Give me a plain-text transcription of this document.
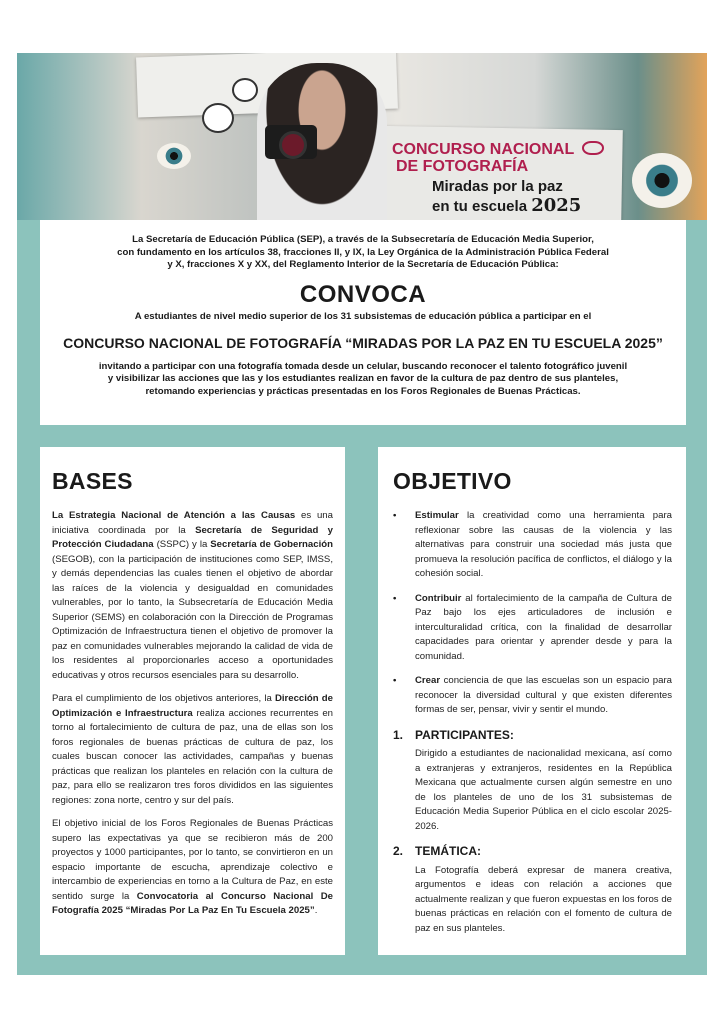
CONCURSO NACIONAL
DE FOTOGRAFÍA
Miradas por la paz
en tu escuela 2025
La Secretaría de Educación Pública (SEP), a través de la Subsecretaría de Educación Media Superior,
con fundamento en los artículos 38, fracciones II, y IX, la Ley Orgánica de la Administración Pública Federal
y X, fracciones X y XX, del Reglamento Interior de la Secretaría de Educación Pública:
CONVOCA
A estudiantes de nivel medio superior de los 31 subsistemas de educación pública a participar en el
CONCURSO NACIONAL DE FOTOGRAFÍA “MIRADAS POR LA PAZ EN TU ESCUELA 2025”
invitando a participar con una fotografía tomada desde un celular, buscando reconocer el talento fotográfico juvenil
y visibilizar las acciones que las y los estudiantes realizan en favor de la cultura de paz dentro de sus planteles,
retomando experiencias y prácticas presentadas en los Foros Regionales de Buenas Prácticas.
BASES

La Estrategia Nacional de Atención a las Causas es una iniciativa coordinada por la Secretaría de Seguridad y Protección Ciudadana (SSPC) y la Secretaría de Gobernación (SEGOB), con la participación de instituciones como SEP, IMSS, y demás dependencias las cuales tienen el objetivo de abordar las raíces de la violencia y desigualdad en comunidades vulnerables, por lo tanto, la Subsecretaría de Educación Media Superior (SEMS) en colaboración con la Dirección de Programas Optimización de Infraestructura tienen el objetivo de promover la paz en comunidades vulnerables mejorando la calidad de vida de los residentes al proporcionarles acceso a oportunidades educativas y otros recursos esenciales para su desarrollo.

Para el cumplimiento de los objetivos anteriores, la Dirección de Optimización e Infraestructura realiza acciones recurrentes en torno al fortalecimiento de cultura de paz, una de ellas son los foros regionales de buenas prácticas de cultura de paz, los cuales buscan conocer las actividades, campañas y buenas prácticas que realizan los planteles en relación con la cultura de paz, para ello se realizaron tres foros divididos en las siguientes regiones: zona norte, centro y sur del país.

El objetivo inicial de los Foros Regionales de Buenas Prácticas supero las expectativas ya que se recibieron más de 200 proyectos y 1000 participantes, por lo tanto, se convirtieron en un espacio importante de escucha, aprendizaje colectivo e intercambio de experiencias en torno a la Cultura de Paz, en este sentido surge la Convocatoria al Concurso Nacional De Fotografía 2025 “Miradas Por La Paz En Tu Escuela 2025”.

OBJETIVO
•	Estimular la creatividad como una herramienta para reflexionar sobre las causas de la violencia y las alternativas para construir una sociedad más justa que promueva la resolución pacífica de conflictos, el diálogo y la cohesión social.

•	Contribuir al fortalecimiento de la campaña de Cultura de Paz bajo los ejes articuladores de inclusión e interculturalidad crítica, con la finalidad de desarrollar capacidades para orientar y aprender desde y para la comunidad.

•	Crear conciencia de que las escuelas son un espacio para reconocer la diversidad cultural y que existen diferentes formas de ser, pensar, vivir y sentir el mundo.

1. PARTICIPANTES:

Dirigido a estudiantes de nacionalidad mexicana, así como a extranjeras y extranjeros, residentes en la República Mexicana que actualmente cursen algún semestre en uno de los planteles de uno de los 31 subsistemas de Educación Media Superior Pública en el ciclo escolar 2025-2026.

2. TEMÁTICA:

La Fotografía deberá expresar de manera creativa, argumentos e ideas con relación a acciones que actualmente realizan y que fueron expuestas en los foros de buenas prácticas en relación con el fomento de cultura de paz en sus planteles.
